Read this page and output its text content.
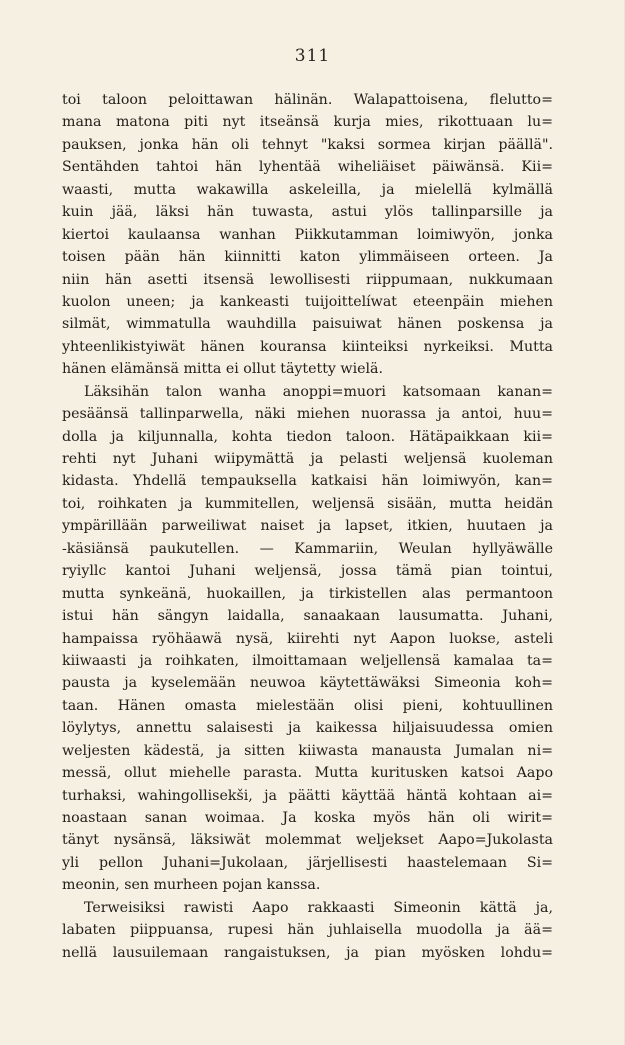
311
toi taloon peloittawan hälinän. Walapattoisena, flelutto=
mana matona piti nyt itseänsä kurja mies, rikottuaan lu=
pauksen, jonka hän oli tehnyt "kaksi sormea kirjan päällä".
Sentähden tahtoi hän lyhentää wiheliäiset päiwänsä. Kii=
waasti, mutta wakawilla askeleilla, ja mielellä kylmällä
kuin jää, läksi hän tuwasta, astui ylös tallinparsille ja
kiertoi kaulaansa wanhan Piikkutamman loimiwyön, jonka
toisen pään hän kiinnitti katon ylimmäiseen orteen. Ja
niin hän asetti itsensä lewollisesti riippumaan, nukkumaan
kuolon uneen; ja kankeasti tuijoittelíwat eteenpäin miehen
silmät, wimmatulla wauhdilla paisuiwat hänen poskensa ja
yhteenlikistyiwät hänen kouransa kiinteiksi nyrkeiksi. Mutta
hänen elämänsä mitta ei ollut täytetty wielä.
Läksihän talon wanha anoppi=muori katsomaan kanan=
pesäänsä tallinparwella, näki miehen nuorassa ja antoi, huu=
dolla ja kiljunnalla, kohta tiedon taloon. Hätäpaikkaan kii=
rehti nyt Juhani wiipymättä ja pelasti weljensä kuoleman
kidasta. Yhdellä tempauksella katkaisi hän loimiwyön, kan=
toi, roihkaten ja kummitellen, weljensä sisään, mutta heidän
ympärillään parweiliwat naiset ja lapset, itkien, huutaen ja
-käsiänsä paukutellen. — Kammariin, Weulan hyllyäwälle
ryiyllc kantoi Juhani weljensä, jossa tämä pian tointui,
mutta synkeänä, huokaillen, ja tirkistellen alas permantoon
istui hän sängyn laidalla, sanaakaan lausumatta. Juhani,
hampaissa ryöhäawä nysä, kiirehti nyt Aapon luokse, asteli
kiiwaasti ja roihkaten, ilmoittamaan weljellensä kamalaa ta=
pausta ja kyselemään neuwoa käytettäwäksi Simeonia koh=
taan. Hänen omasta mielestään olisi pieni, kohtuullinen
löylytys, annettu salaisesti ja kaikessa hiljaisuudessa omien
weljesten kädestä, ja sitten kiiwasta manausta Jumalan ni=
messä, ollut miehelle parasta. Mutta kuritusken katsoi Aapo
turhaksi, wahingollisekši, ja päätti käyttää häntä kohtaan ai=
noastaan sanan woimaa. Ja koska myös hän oli wirit=
tänyt nysänsä, läksiwät molemmat weljekset Aapo=Jukolasta
yli pellon Juhani=Jukolaan, järjellisesti haastelemaan Si=
meonin, sen murheen pojan kanssa.
Terweisiksi rawisti Aapo rakkaasti Simeonin kättä ja,
labaten piippuansa, rupesi hän juhlaisella muodolla ja ää=
nellä lausuilemaan rangaistuksen, ja pian myösken lohdu=
